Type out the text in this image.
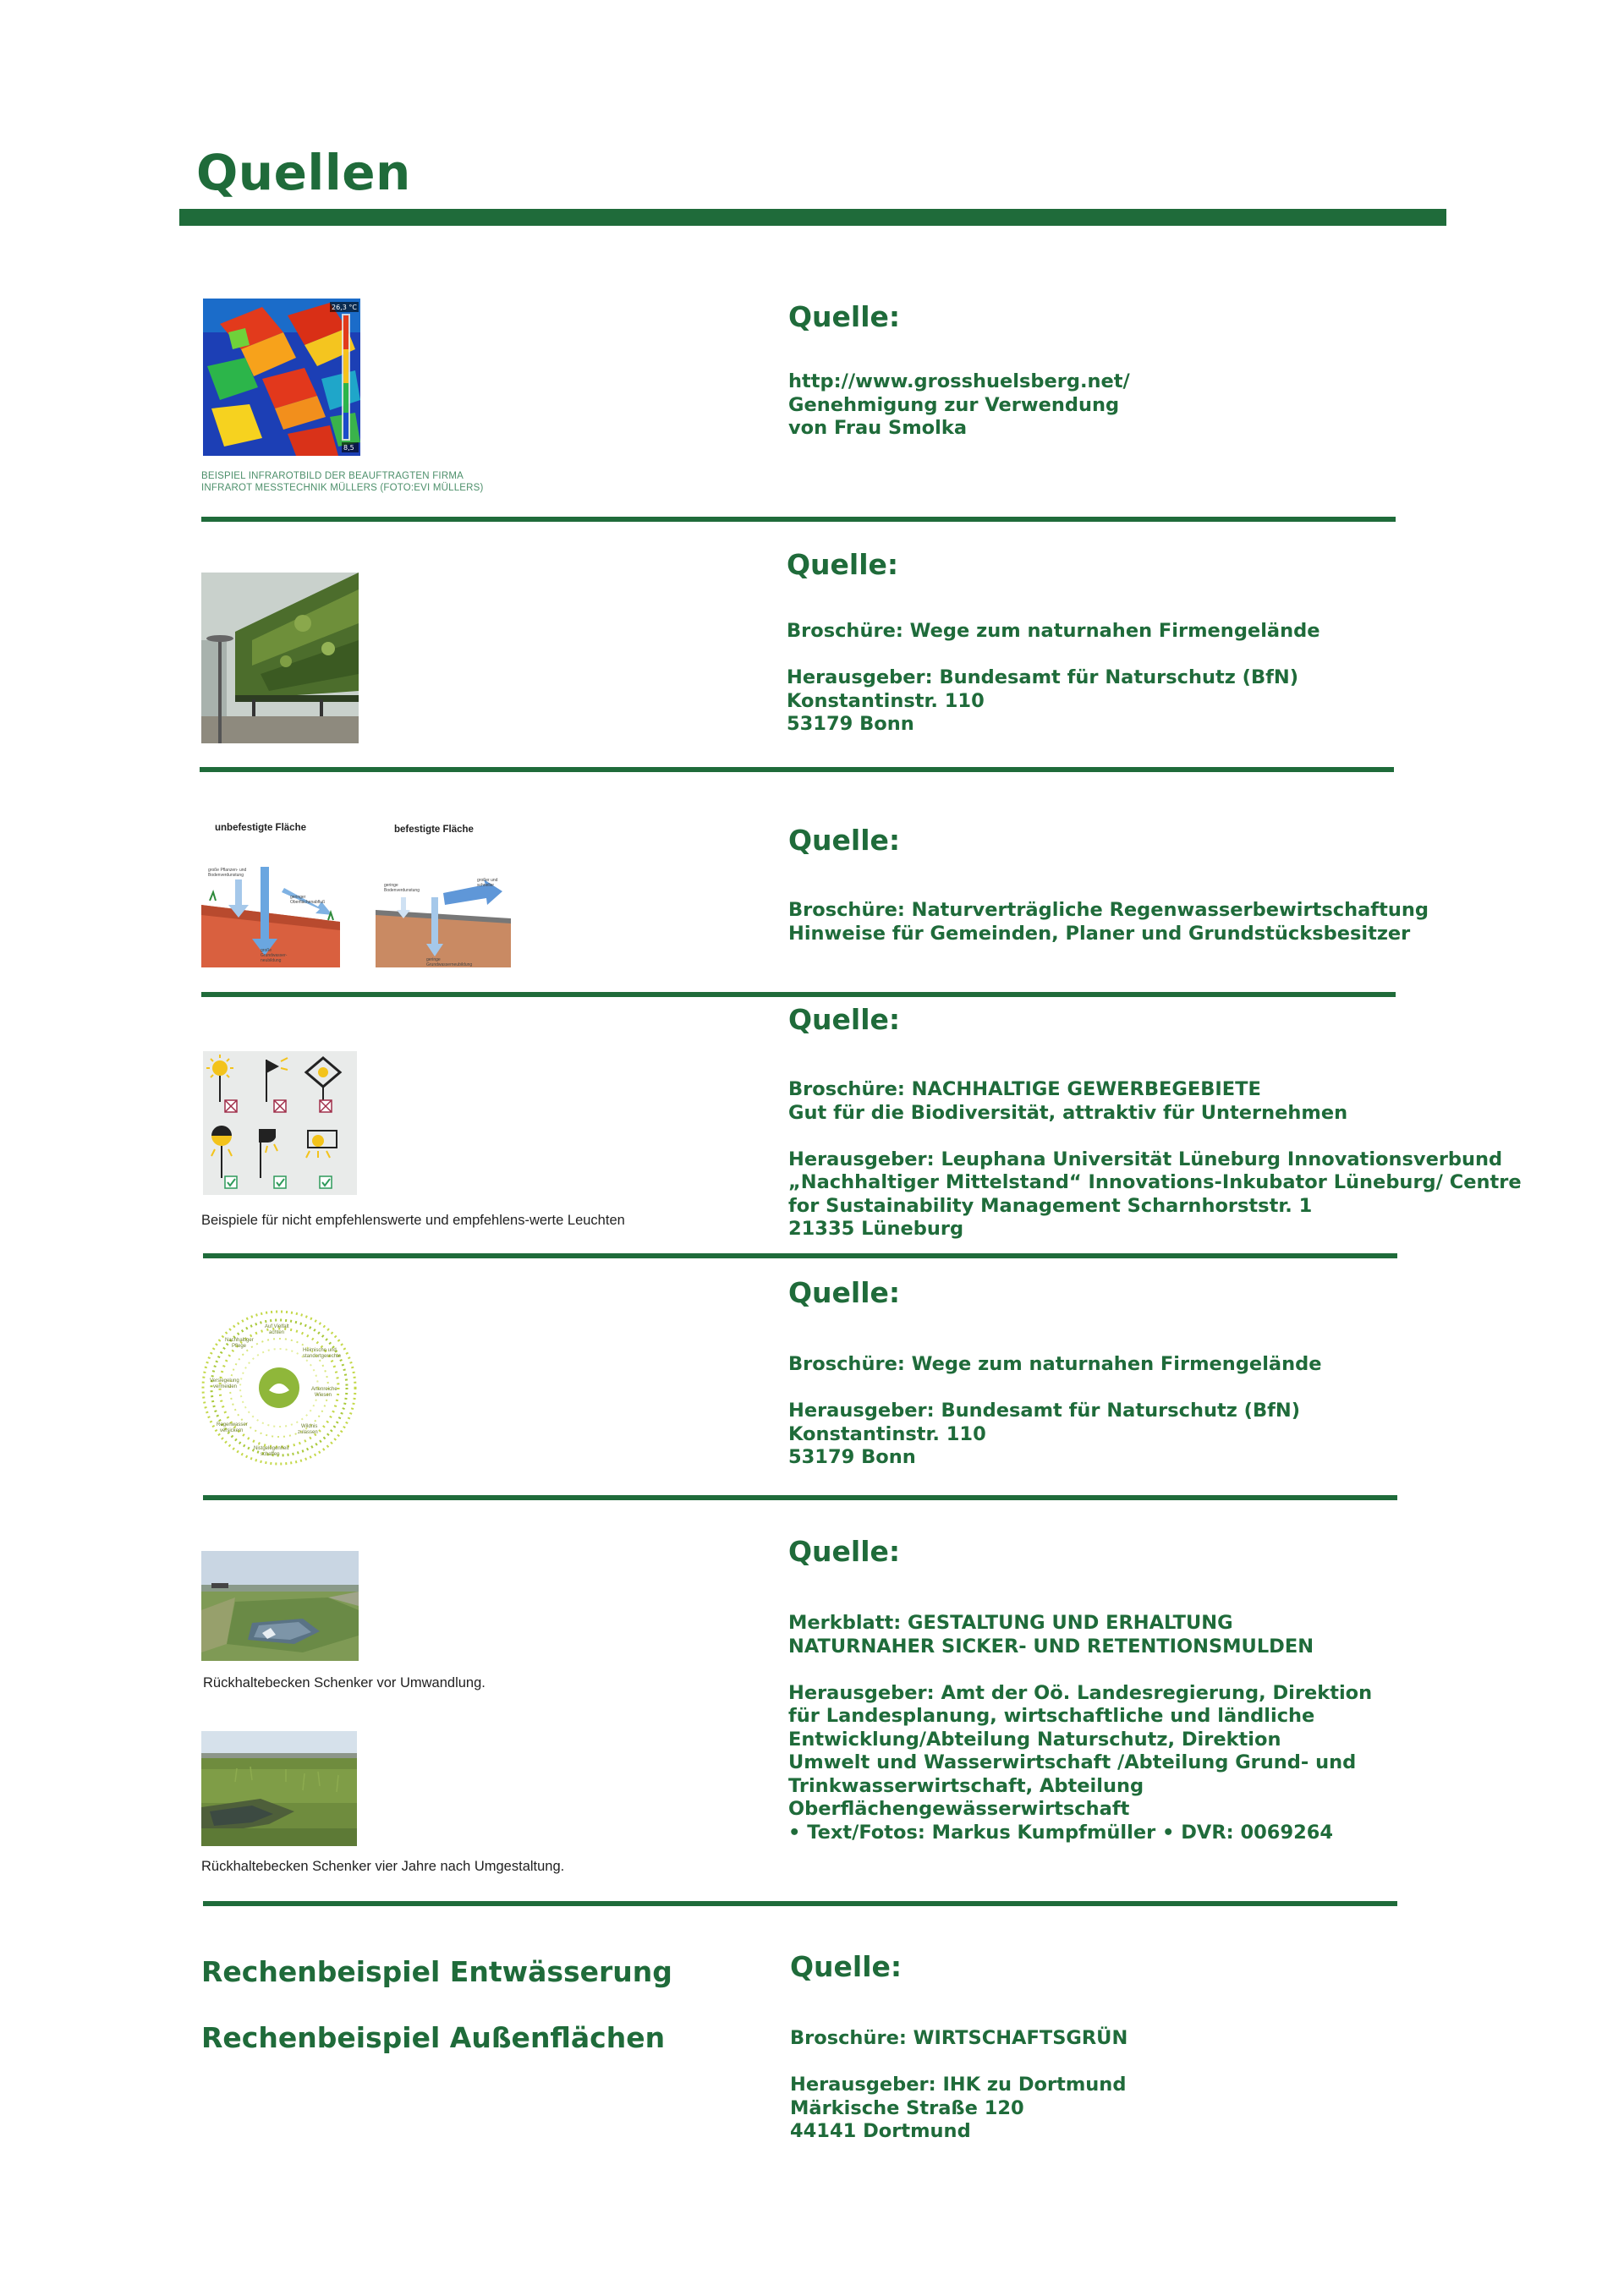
Quellen
26,3 °C
8,5
BEISPIEL INFRAROTBILD DER BEAUFTRAGTEN FIRMA
INFRAROT MESSTECHNIK MÜLLERS (FOTO:EVI MÜLLERS)
Quelle:
http://www.grosshuelsberg.net/
Genehmigung zur Verwendung
von Frau Smolka
Quelle:
Broschüre: Wege zum naturnahen Firmengelände

Herausgeber: Bundesamt für Naturschutz (BfN)
Konstantinstr. 110
53179 Bonn
unbefestigte Fläche	befestigte Fläche
große Pflanzen- und
Bodenverdunstung
geringer
Oberflächenabfluß
große
Grundwasser-
neubildung
geringe
Bodenverdunstung
großer und
schneller
geringe
Grundwasserneubildung
Quelle:
Broschüre: Naturverträgliche Regenwasserbewirtschaftung
Hinweise für Gemeinden, Planer und Grundstücksbesitzer
Beispiele für nicht empfehlenswerte und empfehlens-werte Leuchten
Quelle:
Broschüre: NACHHALTIGE GEWERBEGEBIETE
Gut für die Biodiversität, attraktiv für Unternehmen

Herausgeber: Leuphana Universität Lüneburg Innovationsverbund
„Nachhaltiger Mittelstand“ Innovations-Inkubator Lüneburg/ Centre
for Sustainability Management Scharnhorststr. 1
21335 Lüneburg
Auf Vielfalt
achten
Nachhaltiger
Pflege
Heimische und
standortgerechte
Versiegelung
vermeiden	Artenreiche
Wiesen
Regenwasser
versickern
Wildnis
zulassen
Nistgelegenheit
schaffen
Quelle:
Broschüre: Wege zum naturnahen Firmengelände

Herausgeber: Bundesamt für Naturschutz (BfN)
Konstantinstr. 110
53179 Bonn
Rückhaltebecken Schenker vor Umwandlung.
Rückhaltebecken Schenker vier Jahre nach Umgestaltung.
Quelle:
Merkblatt: GESTALTUNG UND ERHALTUNG
NATURNAHER SICKER- UND RETENTIONSMULDEN

Herausgeber: Amt der Oö. Landesregierung, Direktion
für Landesplanung, wirtschaftliche und ländliche
Entwicklung/Abteilung Naturschutz, Direktion
Umwelt und Wasserwirtschaft /Abteilung Grund- und
Trinkwasserwirtschaft, Abteilung
Oberflächengewässerwirtschaft
• Text/Fotos: Markus Kumpfmüller • DVR: 0069264
Rechenbeispiel Entwässerung
Rechenbeispiel Außenflächen
Quelle:
Broschüre: WIRTSCHAFTSGRÜN

Herausgeber: IHK zu Dortmund
Märkische Straße 120
44141 Dortmund
